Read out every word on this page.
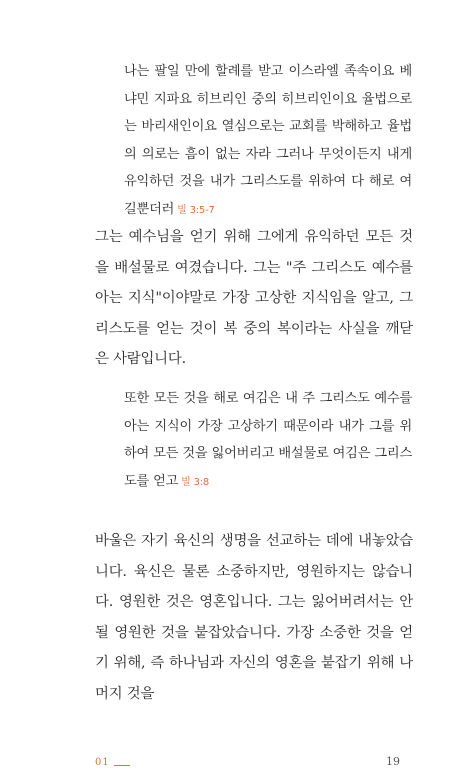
나는 팔일 만에 할례를 받고 이스라엘 족속이요 베냐민 지파요 히브리인 중의 히브리인이요 율법으로는 바리새인이요 열심으로는 교회를 박해하고 율법의 의로는 흠이 없는 자라 그러나 무엇이든지 내게 유익하던 것을 내가 그리스도를 위하여 다 해로 여길뿐더러 빌 3:5-7
그는 예수님을 얻기 위해 그에게 유익하던 모든 것을 배설물로 여겼습니다. 그는 "주 그리스도 예수를 아는 지식"이야말로 가장 고상한 지식임을 알고, 그리스도를 얻는 것이 복 중의 복이라는 사실을 깨닫은 사람입니다.
또한 모든 것을 해로 여김은 내 주 그리스도 예수를 아는 지식이 가장 고상하기 때문이라 내가 그를 위하여 모든 것을 잃어버리고 배설물로 여김은 그리스도를 얻고 빌 3:8
바울은 자기 육신의 생명을 선교하는 데에 내놓았습니다. 육신은 물론 소중하지만, 영원하지는 않습니다. 영원한 것은 영혼입니다. 그는 잃어버려서는 안 될 영원한 것을 붙잡았습니다. 가장 소중한 것을 얻기 위해, 즉 하나님과 자신의 영혼을 붙잡기 위해 나머지 것을
01	19
